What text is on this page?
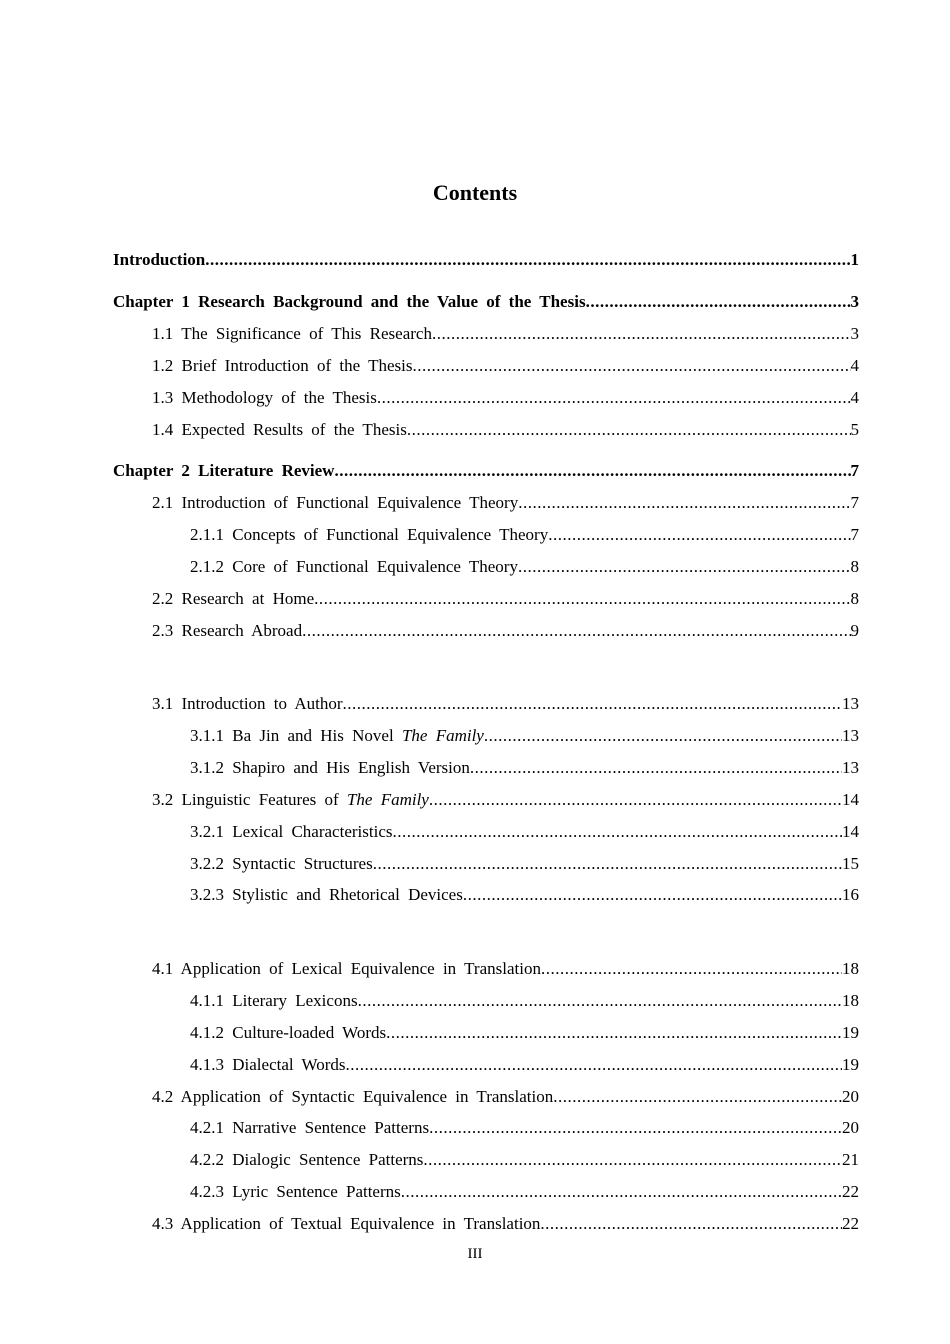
Contents
Introduction .....	1
Chapter 1 Research Background and the Value of the Thesis .....	3
1.1 The Significance of This Research .....	3
1.2 Brief Introduction of the Thesis .....	4
1.3 Methodology of the Thesis .....	4
1.4 Expected Results of the Thesis .....	5
Chapter 2 Literature Review .....	7
2.1 Introduction of Functional Equivalence Theory .....	7
2.1.1 Concepts of Functional Equivalence Theory .....	7
2.1.2 Core of Functional Equivalence Theory .....	8
2.2 Research at Home .....	8
2.3 Research Abroad .....	9
3.1 Introduction to Author .....	13
3.1.1 Ba Jin and His Novel The Family .....	13
3.1.2 Shapiro and His English Version .....	13
3.2 Linguistic Features of The Family .....	14
3.2.1 Lexical Characteristics .....	14
3.2.2 Syntactic Structures .....	15
3.2.3 Stylistic and Rhetorical Devices .....	16
4.1 Application of Lexical Equivalence in Translation .....	18
4.1.1 Literary Lexicons .....	18
4.1.2 Culture-loaded Words .....	19
4.1.3 Dialectal Words .....	19
4.2 Application of Syntactic Equivalence in Translation .....	20
4.2.1 Narrative Sentence Patterns .....	20
4.2.2 Dialogic Sentence Patterns .....	21
4.2.3 Lyric Sentence Patterns .....	22
4.3 Application of Textual Equivalence in Translation .....	22
III
